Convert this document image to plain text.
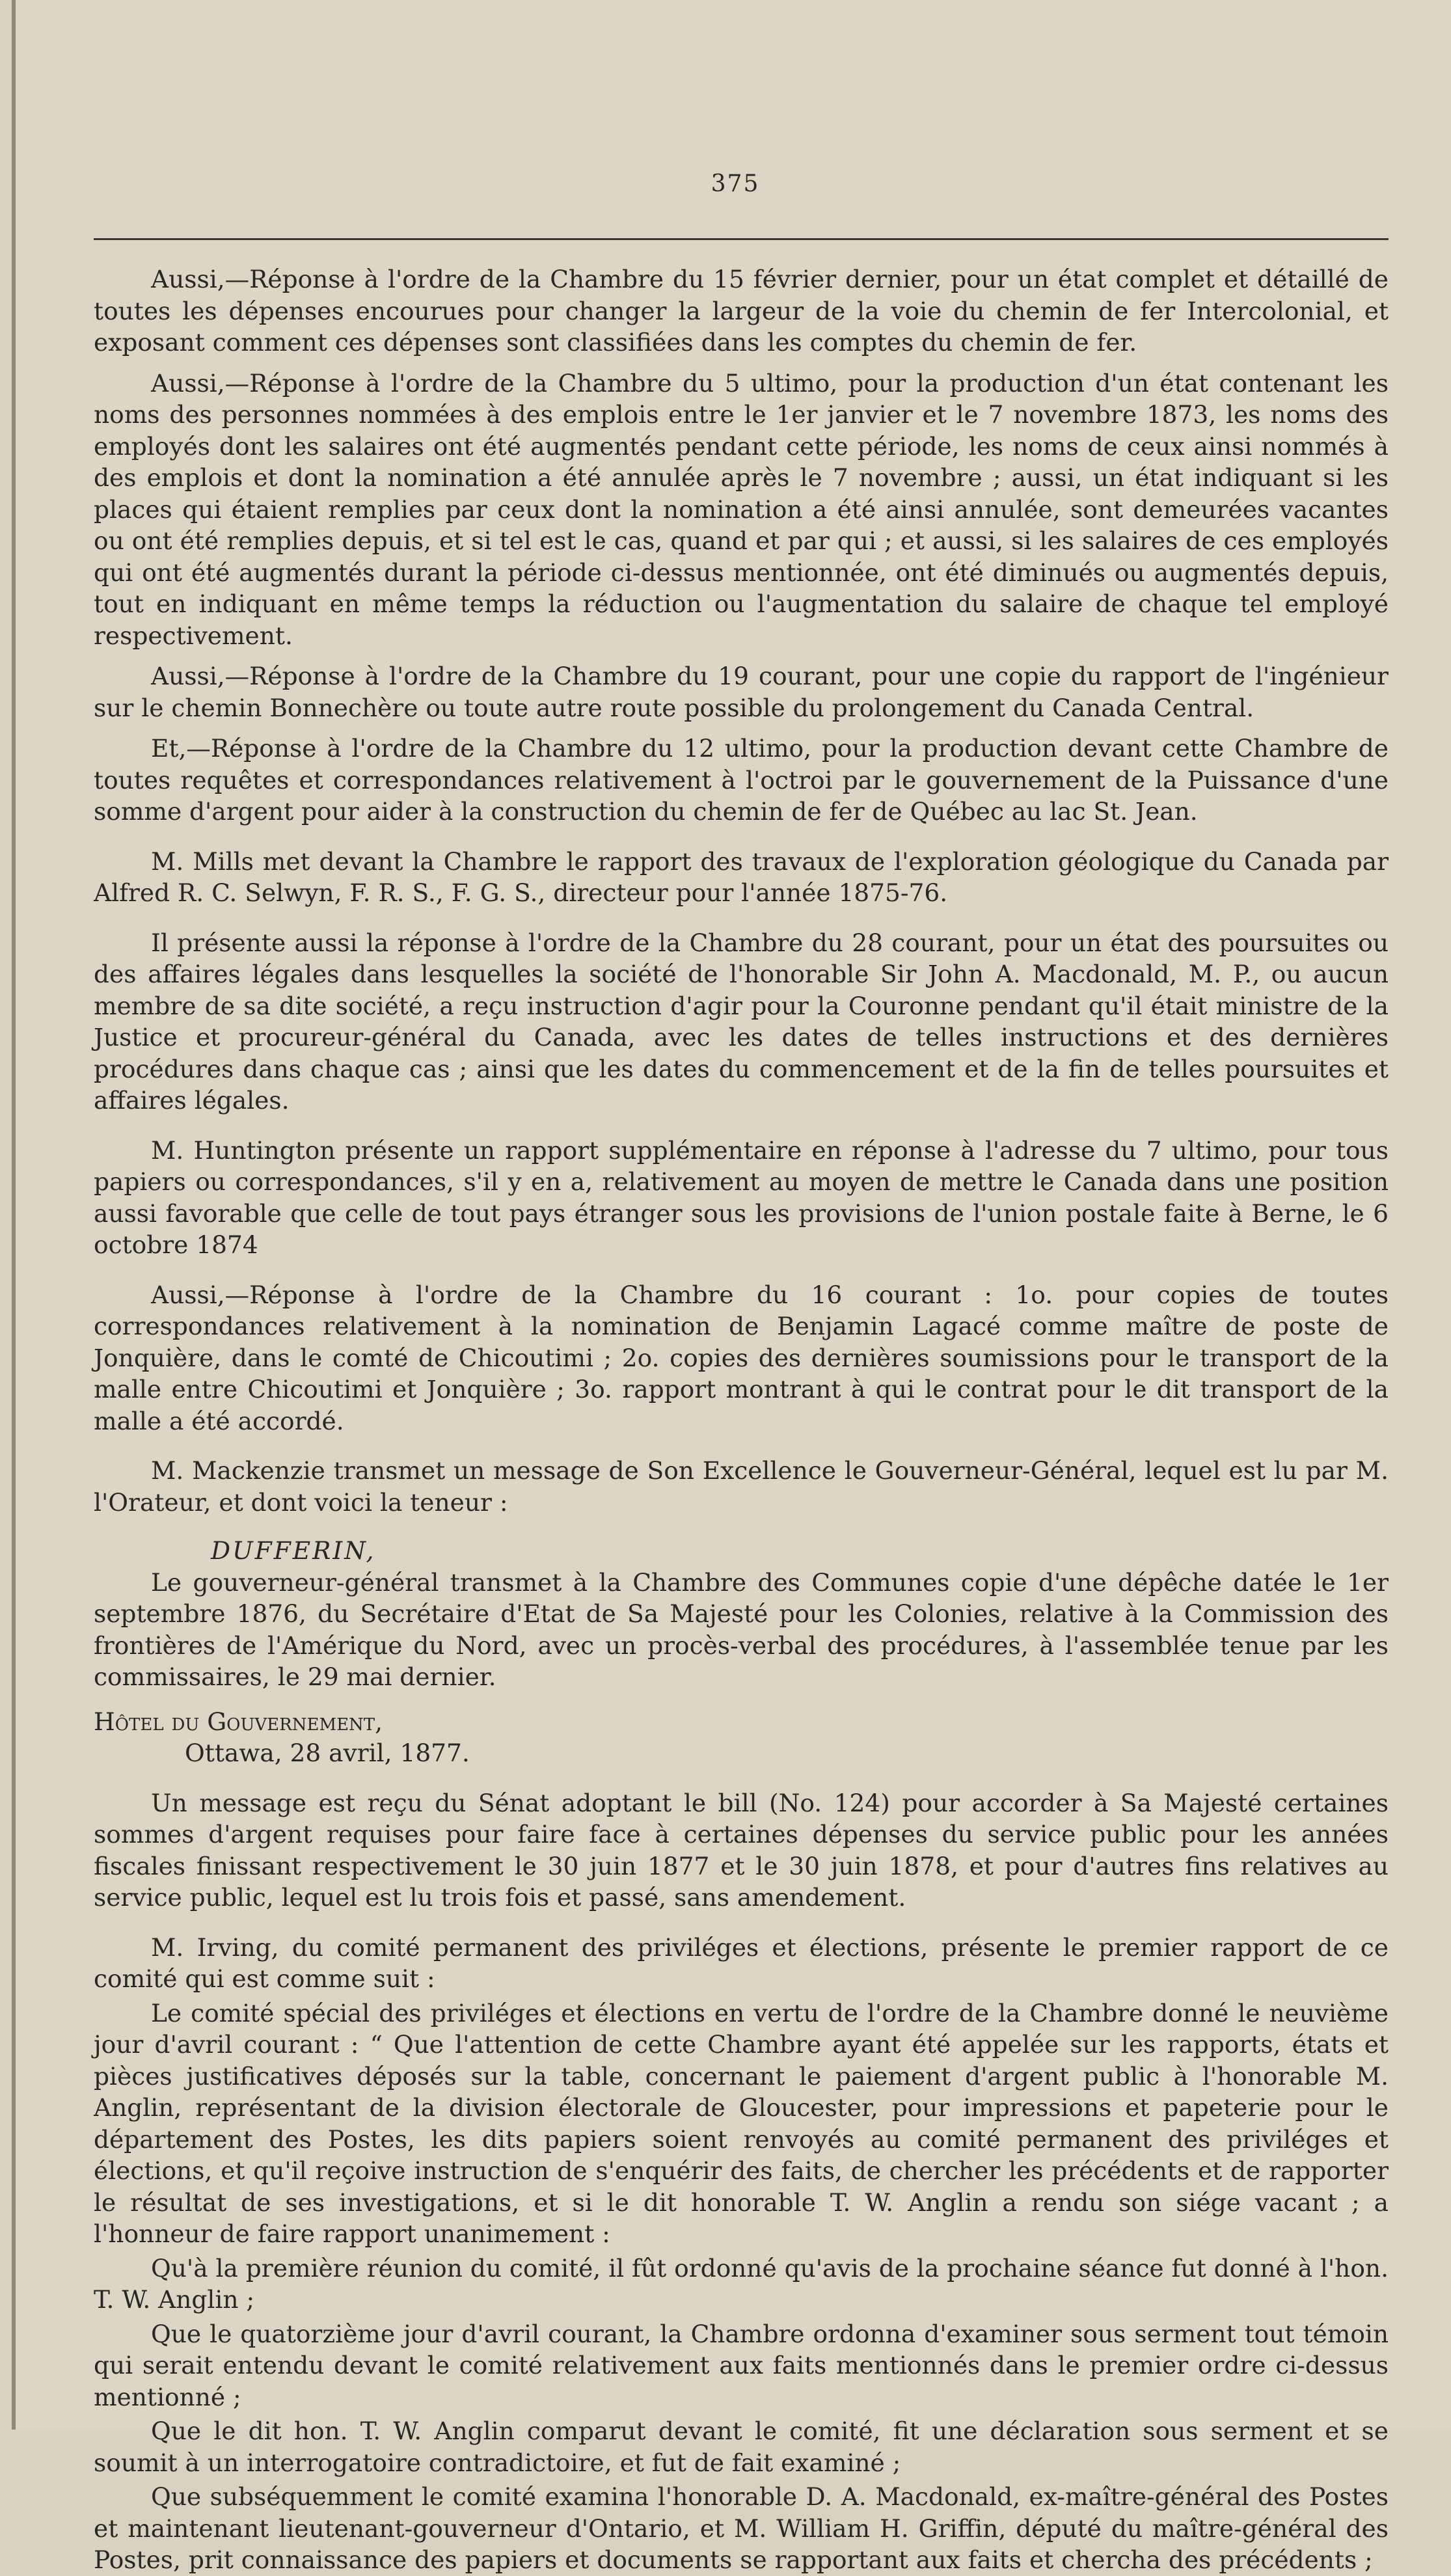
375

Aussi,—Réponse à l'ordre de la Chambre du 15 février dernier, pour un état complet et détaillé de toutes les dépenses encourues pour changer la largeur de la voie du chemin de fer Intercolonial, et exposant comment ces dépenses sont classifiées dans les comptes du chemin de fer.

Aussi,—Réponse à l'ordre de la Chambre du 5 ultimo, pour la production d'un état contenant les noms des personnes nommées à des emplois entre le 1er janvier et le 7 novembre 1873, les noms des employés dont les salaires ont été augmentés pendant cette période, les noms de ceux ainsi nommés à des emplois et dont la nomination a été annulée après le 7 novembre ; aussi, un état indiquant si les places qui étaient remplies par ceux dont la nomination a été ainsi annulée, sont demeurées vacantes ou ont été remplies depuis, et si tel est le cas, quand et par qui ; et aussi, si les salaires de ces employés qui ont été augmentés durant la période ci-dessus mentionnée, ont été diminués ou augmentés depuis, tout en indiquant en même temps la réduction ou l'augmentation du salaire de chaque tel employé respectivement.

Aussi,—Réponse à l'ordre de la Chambre du 19 courant, pour une copie du rapport de l'ingénieur sur le chemin Bonnechère ou toute autre route possible du prolongement du Canada Central.

Et,—Réponse à l'ordre de la Chambre du 12 ultimo, pour la production devant cette Chambre de toutes requêtes et correspondances relativement à l'octroi par le gouvernement de la Puissance d'une somme d'argent pour aider à la construction du chemin de fer de Québec au lac St. Jean.

M. Mills met devant la Chambre le rapport des travaux de l'exploration géologique du Canada par Alfred R. C. Selwyn, F. R. S., F. G. S., directeur pour l'année 1875-76.

Il présente aussi la réponse à l'ordre de la Chambre du 28 courant, pour un état des poursuites ou des affaires légales dans lesquelles la société de l'honorable Sir John A. Macdonald, M. P., ou aucun membre de sa dite société, a reçu instruction d'agir pour la Couronne pendant qu'il était ministre de la Justice et procureur-général du Canada, avec les dates de telles instructions et des dernières procédures dans chaque cas ; ainsi que les dates du commencement et de la fin de telles poursuites et affaires légales.

M. Huntington présente un rapport supplémentaire en réponse à l'adresse du 7 ultimo, pour tous papiers ou correspondances, s'il y en a, relativement au moyen de mettre le Canada dans une position aussi favorable que celle de tout pays étranger sous les provisions de l'union postale faite à Berne, le 6 octobre 1874

Aussi,—Réponse à l'ordre de la Chambre du 16 courant : 1o. pour copies de toutes correspondances relativement à la nomination de Benjamin Lagacé comme maître de poste de Jonquière, dans le comté de Chicoutimi ; 2o. copies des dernières soumissions pour le transport de la malle entre Chicoutimi et Jonquière ; 3o. rapport montrant à qui le contrat pour le dit transport de la malle a été accordé.

M. Mackenzie transmet un message de Son Excellence le Gouverneur-Général, lequel est lu par M. l'Orateur, et dont voici la teneur :

DUFFERIN,

Le gouverneur-général transmet à la Chambre des Communes copie d'une dépêche datée le 1er septembre 1876, du Secrétaire d'Etat de Sa Majesté pour les Colonies, relative à la Commission des frontières de l'Amérique du Nord, avec un procès-verbal des procédures, à l'assemblée tenue par les commissaires, le 29 mai dernier.

Hôtel du Gouvernement,

Ottawa, 28 avril, 1877.

Un message est reçu du Sénat adoptant le bill (No. 124) pour accorder à Sa Majesté certaines sommes d'argent requises pour faire face à certaines dépenses du service public pour les années fiscales finissant respectivement le 30 juin 1877 et le 30 juin 1878, et pour d'autres fins relatives au service public, lequel est lu trois fois et passé, sans amendement.

M. Irving, du comité permanent des priviléges et élections, présente le premier rapport de ce comité qui est comme suit :

Le comité spécial des priviléges et élections en vertu de l'ordre de la Chambre donné le neuvième jour d'avril courant : “ Que l'attention de cette Chambre ayant été appelée sur les rapports, états et pièces justificatives déposés sur la table, concernant le paiement d'argent public à l'honorable M. Anglin, représentant de la division électorale de Gloucester, pour impressions et papeterie pour le département des Postes, les dits papiers soient renvoyés au comité permanent des priviléges et élections, et qu'il reçoive instruction de s'enquérir des faits, de chercher les précédents et de rapporter le résultat de ses investigations, et si le dit honorable T. W. Anglin a rendu son siége vacant ; a l'honneur de faire rapport unanimement :

Qu'à la première réunion du comité, il fût ordonné qu'avis de la prochaine séance fut donné à l'hon. T. W. Anglin ;

Que le quatorzième jour d'avril courant, la Chambre ordonna d'examiner sous serment tout témoin qui serait entendu devant le comité relativement aux faits mentionnés dans le premier ordre ci-dessus mentionné ;

Que le dit hon. T. W. Anglin comparut devant le comité, fit une déclaration sous serment et se soumit à un interrogatoire contradictoire, et fut de fait examiné ;

Que subséquemment le comité examina l'honorable D. A. Macdonald, ex-maître-général des Postes et maintenant lieutenant-gouverneur d'Ontario, et M. William H. Griffin, député du maître-général des Postes, prit connaissance des papiers et documents se rapportant aux faits et chercha des précédents ;
